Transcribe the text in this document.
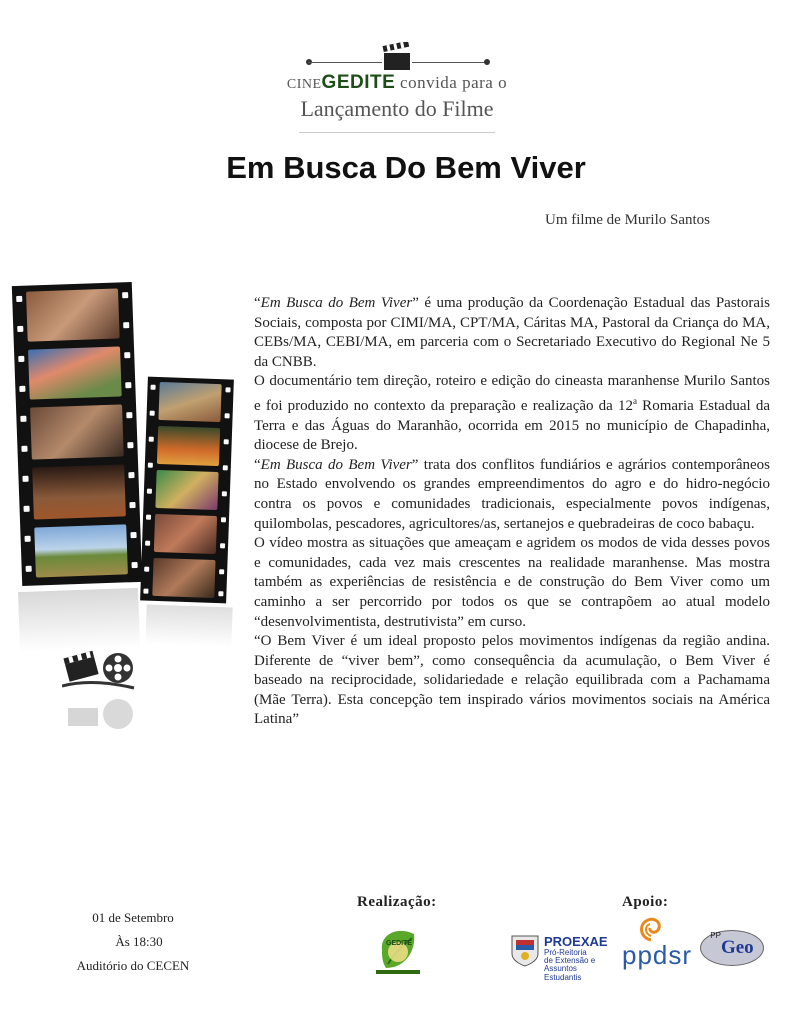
CINEGEDITE convida para o
Lançamento do Filme
Em Busca Do Bem Viver
Um filme de Murilo Santos

“Em Busca do Bem Viver” é uma produção da Coordenação Estadual das Pastorais Sociais, composta por CIMI/MA, CPT/MA, Cáritas MA, Pastoral da Criança do MA, CEBs/MA, CEBI/MA, em parceria com o Secretariado Executivo do Regional Ne 5 da CNBB.

O documentário tem direção, roteiro e edição do cineasta maranhense Murilo Santos e foi produzido no contexto da preparação e realização da 12$^a$ Romaria Estadual da Terra e das Águas do Maranhão, ocorrida em 2015 no município de Chapadinha, diocese de Brejo.

“Em Busca do Bem Viver” trata dos conflitos fundiários e agrários contemporâneos no Estado envolvendo os grandes empreendimentos do agro e do hidro-negócio contra os povos e comunidades tradicionais, especialmente povos indígenas, quilombolas, pescadores, agricultores/as, sertanejos e quebradeiras de coco babaçu.

O vídeo mostra as situações que ameaçam e agridem os modos de vida desses povos e comunidades, cada vez mais crescentes na realidade maranhense. Mas mostra também as experiências de resistência e de construção do Bem Viver como um caminho a ser percorrido por todos os que se contrapõem ao atual modelo “desenvolvimentista, destrutivista” em curso.

“O Bem Viver é um ideal proposto pelos movimentos indígenas da região andina. Diferente de “viver bem”, como consequência da acumulação, o Bem Viver é baseado na reciprocidade, solidariedade e relação equilibrada com a Pachamama (Mãe Terra). Esta concepção tem inspirado vários movimentos sociais na América Latina”

01 de Setembro
Às 18:30
Auditório do CECEN
Realização:	Apoio:
GEDITE	PROEXAE
Pró-Reitoria
de Extensão e
Assuntos Estudantis
ppdsr
$^{PP}$Geo
